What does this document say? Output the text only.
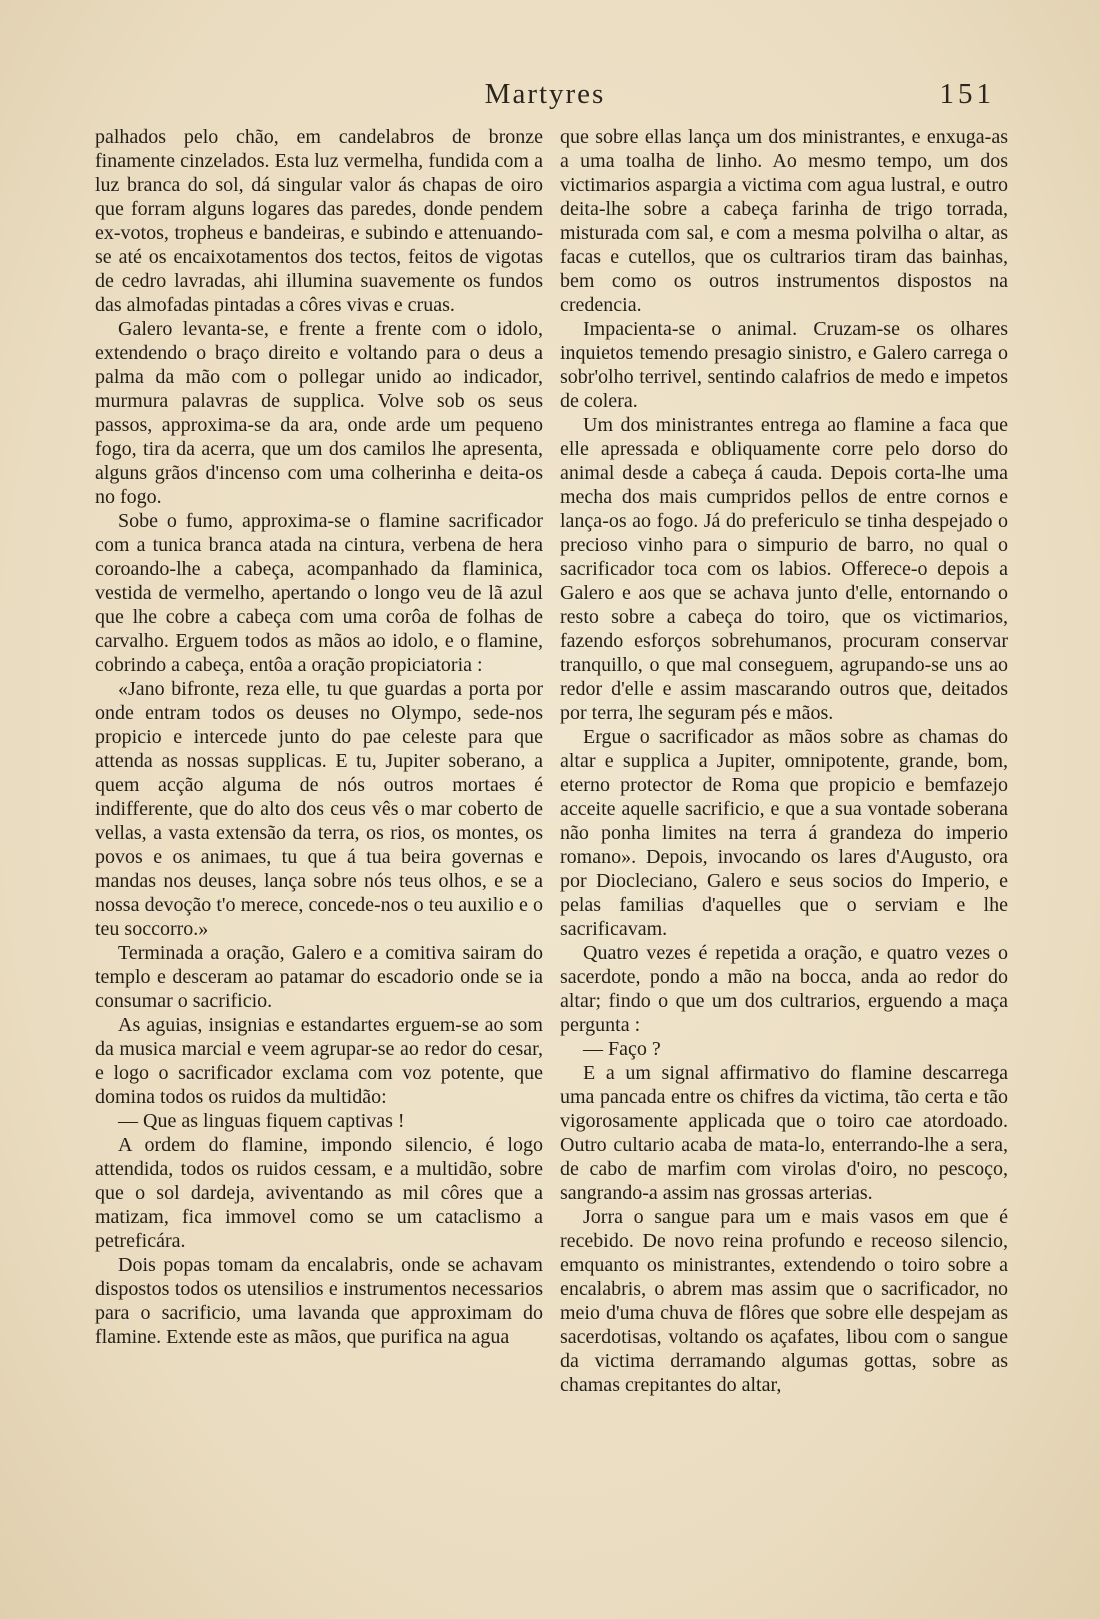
Martyres	151

palhados pelo chão, em candelabros de bronze finamente cinzelados. Esta luz vermelha, fundida com a luz branca do sol, dá singular valor ás chapas de oiro que forram alguns logares das paredes, donde pendem ex-votos, tropheus e bandeiras, e subindo e attenuando-se até os encaixotamentos dos tectos, feitos de vigotas de cedro lavradas, ahi illumina suavemente os fundos das almofadas pintadas a côres vivas e cruas.

Galero levanta-se, e frente a frente com o idolo, extendendo o braço direito e voltando para o deus a palma da mão com o pollegar unido ao indicador, murmura palavras de supplica. Volve sob os seus passos, approxima-se da ara, onde arde um pequeno fogo, tira da acerra, que um dos camilos lhe apresenta, alguns grãos d'incenso com uma colherinha e deita-os no fogo.

Sobe o fumo, approxima-se o flamine sacrificador com a tunica branca atada na cintura, verbena de hera coroando-lhe a cabeça, acompanhado da flaminica, vestida de vermelho, apertando o longo veu de lã azul que lhe cobre a cabeça com uma corôa de folhas de carvalho. Erguem todos as mãos ao idolo, e o flamine, cobrindo a cabeça, entôa a oração propiciatoria :

«Jano bifronte, reza elle, tu que guardas a porta por onde entram todos os deuses no Olympo, sede-nos propicio e intercede junto do pae celeste para que attenda as nossas supplicas. E tu, Jupiter soberano, a quem acção alguma de nós outros mortaes é indifferente, que do alto dos ceus vês o mar coberto de vellas, a vasta extensão da terra, os rios, os montes, os povos e os animaes, tu que á tua beira governas e mandas nos deuses, lança sobre nós teus olhos, e se a nossa devoção t'o merece, concede-nos o teu auxilio e o teu soccorro.»

Terminada a oração, Galero e a comitiva sairam do templo e desceram ao patamar do escadorio onde se ia consumar o sacrificio.

As aguias, insignias e estandartes erguem-se ao som da musica marcial e veem agrupar-se ao redor do cesar, e logo o sacrificador exclama com voz potente, que domina todos os ruidos da multidão:

— Que as linguas fiquem captivas !

A ordem do flamine, impondo silencio, é logo attendida, todos os ruidos cessam, e a multidão, sobre que o sol dardeja, aviventando as mil côres que a matizam, fica immovel como se um cataclismo a petreficára.

Dois popas tomam da encalabris, onde se achavam dispostos todos os utensilios e instrumentos necessarios para o sacrificio, uma lavanda que approximam do flamine. Extende este as mãos, que purifica na agua

que sobre ellas lança um dos ministrantes, e enxuga-as a uma toalha de linho. Ao mesmo tempo, um dos victimarios aspargia a victima com agua lustral, e outro deita-lhe sobre a cabeça farinha de trigo torrada, misturada com sal, e com a mesma polvilha o altar, as facas e cutellos, que os cultrarios tiram das bainhas, bem como os outros instrumentos dispostos na credencia.

Impacienta-se o animal. Cruzam-se os olhares inquietos temendo presagio sinistro, e Galero carrega o sobr'olho terrivel, sentindo calafrios de medo e impetos de colera.

Um dos ministrantes entrega ao flamine a faca que elle apressada e obliquamente corre pelo dorso do animal desde a cabeça á cauda. Depois corta-lhe uma mecha dos mais cumpridos pellos de entre cornos e lança-os ao fogo. Já do prefericulo se tinha despejado o precioso vinho para o simpurio de barro, no qual o sacrificador toca com os labios. Offerece-o depois a Galero e aos que se achava junto d'elle, entornando o resto sobre a cabeça do toiro, que os victimarios, fazendo esforços sobrehumanos, procuram conservar tranquillo, o que mal conseguem, agrupando-se uns ao redor d'elle e assim mascarando outros que, deitados por terra, lhe seguram pés e mãos.

Ergue o sacrificador as mãos sobre as chamas do altar e supplica a Jupiter, omnipotente, grande, bom, eterno protector de Roma que propicio e bemfazejo acceite aquelle sacrificio, e que a sua vontade soberana não ponha limites na terra á grandeza do imperio romano». Depois, invocando os lares d'Augusto, ora por Diocleciano, Galero e seus socios do Imperio, e pelas familias d'aquelles que o serviam e lhe sacrificavam.

Quatro vezes é repetida a oração, e quatro vezes o sacerdote, pondo a mão na bocca, anda ao redor do altar; findo o que um dos cultrarios, erguendo a maça pergunta :

— Faço ?

E a um signal affirmativo do flamine descarrega uma pancada entre os chifres da victima, tão certa e tão vigorosamente applicada que o toiro cae atordoado. Outro cultario acaba de mata-lo, enterrando-lhe a sera, de cabo de marfim com virolas d'oiro, no pescoço, sangrando-a assim nas grossas arterias.

Jorra o sangue para um e mais vasos em que é recebido. De novo reina profundo e receoso silencio, emquanto os ministrantes, extendendo o toiro sobre a encalabris, o abrem mas assim que o sacrificador, no meio d'uma chuva de flôres que sobre elle despejam as sacerdotisas, voltando os açafates, libou com o sangue da victima derramando algumas gottas, sobre as chamas crepitantes do altar,
